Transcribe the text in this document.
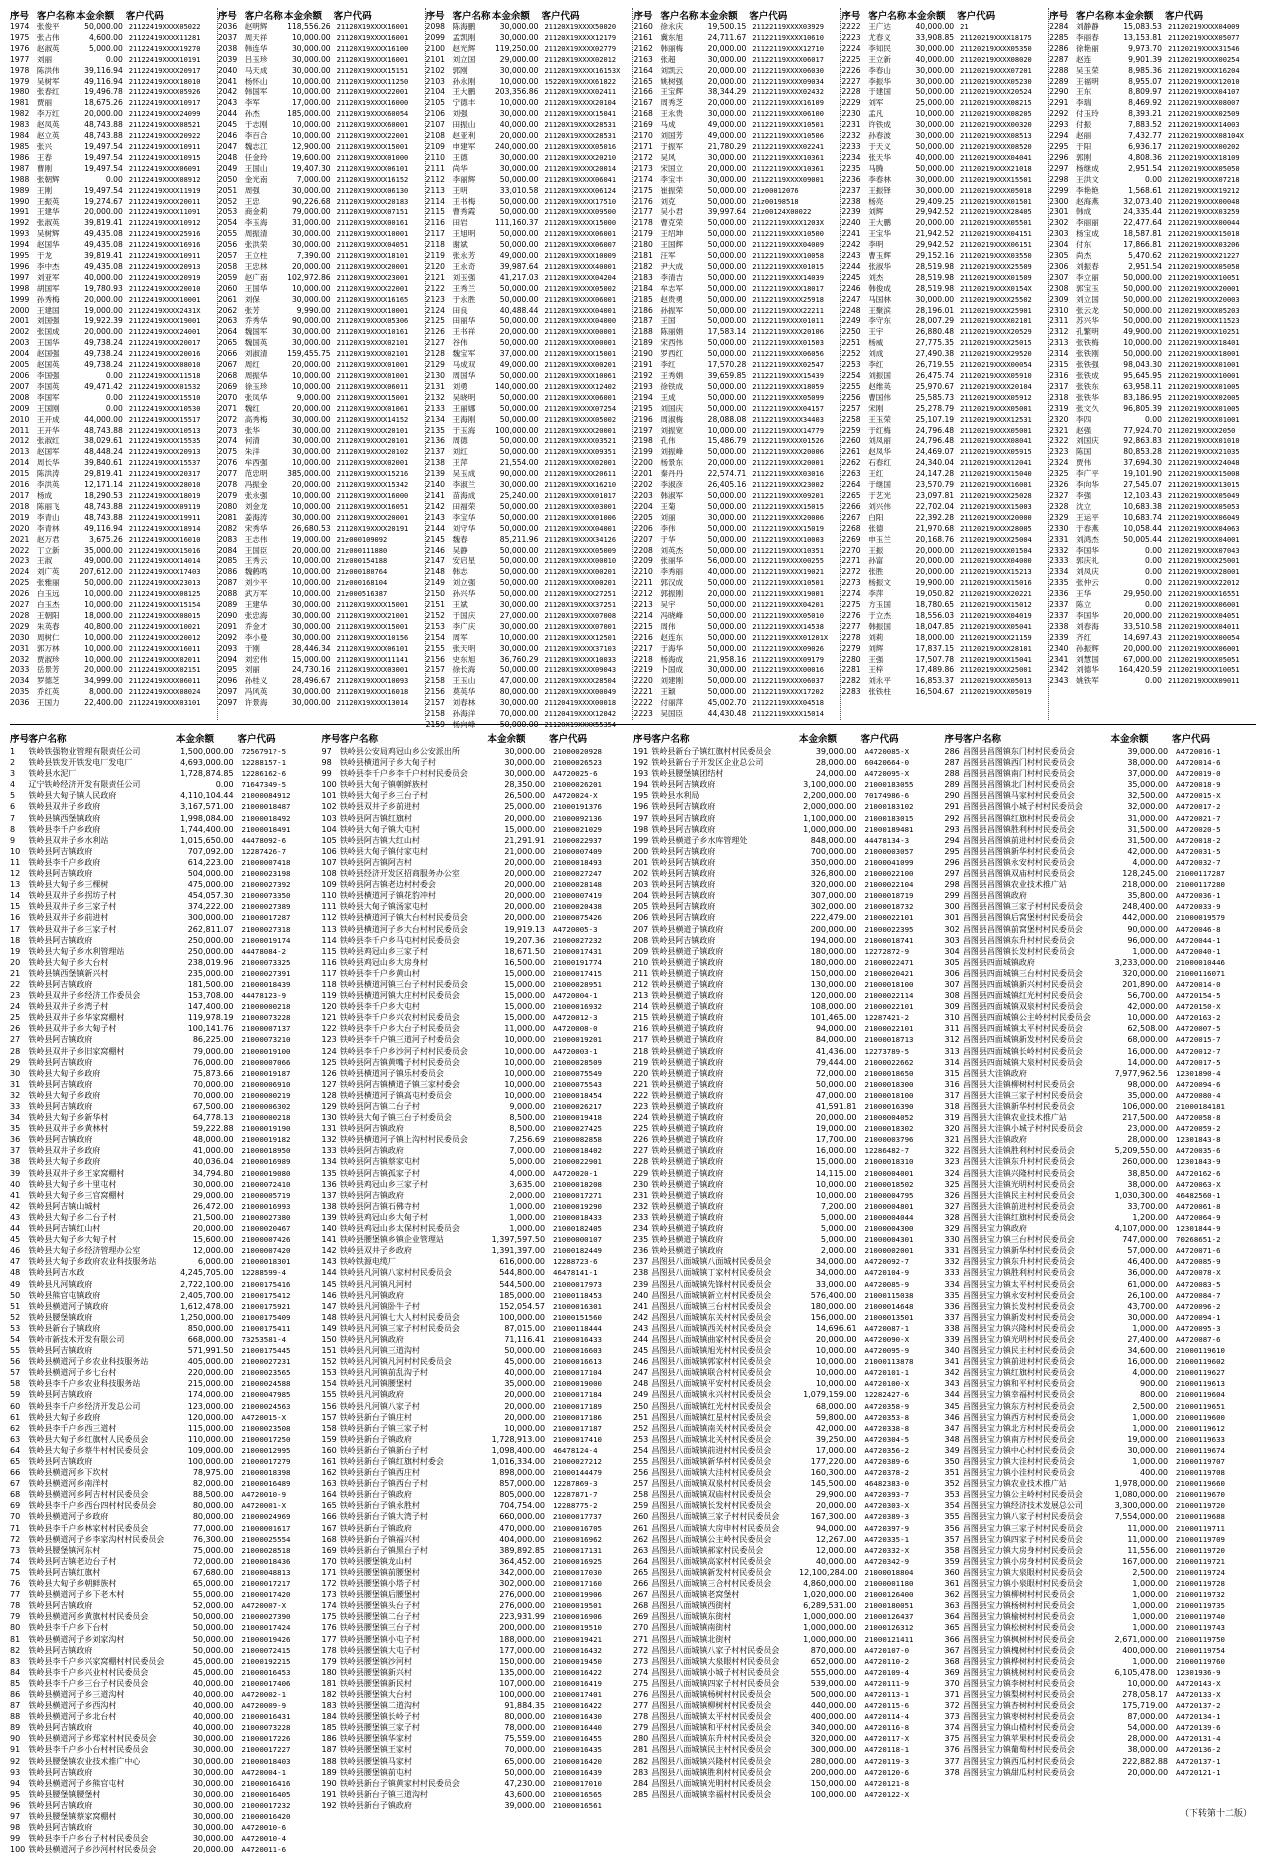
序号	客户名称	本金余额	客户代码
1974	张俊平	50,000.00	21122419XXXX05022
1975	张占伟	4,600.00	21122419XXXX11281
1976	赵淑英	5,000.00	21122419XXXX19270
1977	刘丽	0.00	21122419XXXX10191
1978	陈洪伟	39,116.94	21122419XXXX20917
1979	吴树军	49,116.94	21122419XXXX18010
1980	张春红	19,496.78	21122419XXXX05926
1981	贾丽	18,675.26	21122419XXXX10917
1982	李万红	20,000.00	21122419XXXX24099
1983	赵凤英	48,743.88	21122419XXXX08521
1984	赵立英	48,743.88	21122419XXXX20922
1985	张兴	19,497.54	21122419XXXX10911
1986	王春	19,497.54	21122419XXXX10915
1987	曹刚	19,497.54	21122419XXXX06091
1988	张朝辉	0.00	21122419XXXX08912
1989	王刚	19,497.54	21122419XXXX11919
1990	王振英	19,274.67	21122419XXXX20011
1991	王建华	20,000.00	21122419XXXX11091
1992	张淑英	39,819.41	21122419XXXX10912
1993	吴树辉	49,435.08	21122419XXXX25916
1994	赵国华	49,435.08	21122419XXXX16916
1995	于龙	39,819.41	21122419XXXX10911
1996	李中杰	49,435.08	21122419XXXX20913
1997	刘亚军	40,000.00	21122419XXXX20919
1998	胡国军	19,780.93	21122419XXXX20010
1999	孙秀梅	20,000.00	21122419XXXX10001
2000	王建国	19,000.00	21122419XXXX2431X
2001	刘国强	19,922.39	21122419XXXX19001
2002	张国成	20,000.00	21122419XXXX24001
2003	王国华	49,738.24	21122419XXXX20017
2004	赵国强	49,738.24	21122419XXXX20016
2005	赵国英	49,738.24	21122419XXXX08010
2006	李国强	0.00	21122419XXXX11518
2007	李国英	49,471.42	21122419XXXX01532
2008	李国军	0.00	21122419XXXX15510
2009	王国刚	0.00	21122419XXXX10530
2010	王开成	44,000.00	21122419XXXX15517
2011	王开华	48,743.88	21122419XXXX10513
2012	张淑红	38,029.61	21122419XXXX15535
2013	赵国军	48,448.24	21122419XXXX20913
2014	周长华	39,840.61	21122419XXXX15537
2015	陈洪涛	29,819.41	21122419XXXX20317
2016	李洪英	12,171.14	21122419XXXX28010
2017	杨成	18,290.53	21122419XXXX18019
2018	陈丽飞	48,743.88	21122419XXXX09119
2019	李青山	48,743.88	21122419XXXX19911
2020	李青林	49,116.94	21122419XXXX18914
2021	赵万君	3,675.26	21122419XXXX16010
2022	丁立新	35,000.00	21122419XXXX15016
2023	王淑	49,000.00	21122419XXXX14014
2024	刘广英	207,612.00	21122419XXXX17403
2025	张雅丽	50,000.00	21122419XXXX23013
2026	白玉远	10,000.00	21122419XXXX08125
2027	白玉杰	10,000.00	21122419XXXX15154
2028	王朝阳	18,000.00	21122419XXXX08015
2029	朱英春	40,800.00	21122419XXXX10021
2030	周树仁	10,000.00	21122419XXXX20012
2031	郭万林	10,000.00	21122419XXXX16011
2032	贾淑珍	10,000.00	21122419XXXX02011
2033	岳景芳	20,000.00	21122419XXXX02151
2034	罗德芝	34,999.00	21122419XXXX06011
2035	乔红英	8,000.00	21122419XXXX08024
2036	王国力	22,400.00	21122419XXXX03101
序号	客户名称	本金余额	客户代码
2036	赵明辉	118,556.26	21120X19XXXX16001
2037	周天祥	10,000.00	21120X19XXXX16001
2038	韩连华	30,000.00	21120X19XXXX16100
2039	吕玉珍	30,000.00	21120X19XXXX16001
2040	马天成	30,000.00	21120X19XXXX15151
2041	杨怀山	10,000.00	21120X19XXXX11250
2042	韩国军	10,000.00	21120X19XXXX22001
2043	李军	17,000.00	21120X19XXXX16000
2044	孙杰	185,000.00	21120X19XXXX60054
2045	于志刚	10,000.00	21120X19XXXX60001
2046	李百合	10,000.00	21120X19XXXX22001
2047	魏志江	12,900.00	21120X19XXXX15001
2048	任金玲	19,600.00	21120X19XXXX01000
2049	王国山	19,407.30	21120X19XXXX06101
2050	金光南	7,000.00	21120X19XXXX16152
2051	周强	30,000.00	21120X19XXXX06130
2052	王忠	90,226.68	21120X19XXXX20183
2053	商金莉	79,000.00	21120X19XXXX07151
2054	李玉海	31,000.00	21120X19XXXX00161
2055	周振清	30,000.00	21120X19XXXX10001
2056	张洪荣	30,000.00	21120X19XXXX04051
2057	王立柱	7,390.00	21120X19XXXX18101
2058	王忠林	20,000.00	21120X19XXXX20001
2059	赵广南	102,972.86	21120X19XXXX23001
2060	王国华	10,000.00	21120X19XXXX22001
2061	刘保	30,000.00	21120X19XXXX16165
2062	张芳	9,990.00	21120X19XXXX10001
2063	乔秀华	90,000.00	21120X19XXXX05306
2064	魏国军	30,000.00	21120X19XXXX10161
2065	魏国英	30,000.00	21120X19XXXX02101
2066	刘淑清	159,455.75	21120X19XXXX02101
2067	周红	20,000.00	21120X19XXXX01001
2068	周振华	10,000.00	21120X19XXXX01001
2069	徐玉珍	10,000.00	21120X19XXXX06011
2070	张凤华	9,000.00	21120X19XXXX15001
2071	魏红	20,000.00	21120X19XXXX01061
2072	高秀梅	30,000.00	21120X19XXXX14152
2073	张华	30,000.00	21120X19XXXX20101
2074	何清	30,000.00	21120X19XXXX20101
2075	朱洋	30,000.00	21120X19XXXX20102
2076	牟西强	10,000.00	21120X19XXXX02001
2077	范忠明	385,000.00	21120X19XXXX15216
2078	冯振金	20,000.00	21120X19XXXX15342
2079	张永强	10,000.00	21120X19XXXX16000
2080	刘金龙	10,000.00	21120X19XXXX16051
2081	姜海涛	30,000.00	21120X19XXXX20001
2082	宋秀华	26,680.53	21120X19XXXX20191
2083	王志伟	19,000.00	21z000109092
2084	王国臣	20,000.00	21z000111880
2085	王秀云	10,000.00	21z000154188
2086	魏鹤鸣	10,000.00	21z000180764
2087	刘少平	10,000.00	21z000168104
2088	武万军	10,000.00	21z000516387
2089	王建华	30,000.00	21120X19XXXX15001
2090	张忠海	30,000.00	21120X19XXXX21001
2091	乔金才	30,000.00	21120X19XXXX15001
2092	李小曼	30,000.00	21120X19XXXX10156
2093	于刚	28,446.34	21120X19XXXX06101
2094	刘宏伟	15,000.00	21120X19XXXX11141
2095	刘丽	24,730.16	21120X19XXXX03001
2096	孙桂义	28,496.67	21120X19XXXX10093
2097	冯风英	30,000.00	21120X19XXXX16018
2097	许景海	30,000.00	21120X19XXXX13014
序号	客户名称	本金余额	客户代码
2098	陈海鹏	30,000.00	21120X19XXXX50020
2099	孟凯刚	30,000.00	21120X19XXXX12179
2100	赵光辉	119,250.00	21120X19XXXX02779
2101	刘立国	29,000.00	21120X19XXXX02012
2102	郭刚	30,000.00	21120X19XXXX16153X
2103	孙永刚	10,000.00	15220X19XXXX61822
2104	王大鹏	203,356.86	21120X19XXXX02411
2105	宁德丰	10,000.00	21120X19XXXX20104
2106	刘强	30,000.00	21120X19XXXX15041
2107	田振山	40,000.00	21120X19XXXX28531
2108	赵亚利	20,000.00	21120X19XXXX28531
2109	申建军	240,000.00	21120X19XXXX05016
2110	王德	30,000.00	21120X19XXXX20210
2111	尚华	30,000.00	21120X19XXXX20014
2112	李丽辉	50,000.00	21120X19XXXX06041
2113	王明	33,010.58	21120X19XXXX06124
2114	王书梅	50,000.00	21120X19XXXX17510
2115	曹秀霞	50,000.00	21120X19XXXX09500
2116	田岩	111,160.37	21120X19XXXX15000
2117	王旭明	50,000.00	21120X19XXXX06001
2118	谢斌	50,000.00	21120X19XXXX06007
2119	张永芳	49,000.00	21120X19XXXX10009
2120	王永奇	39,987.64	21120X19XXXX40001
2121	刘玉强	41,217.03	21120X19XXXX04204
2122	王秀兰	50,000.00	21120X19XXXX05002
2123	于永胜	50,000.00	21120X19XXXX06001
2124	田良	40,488.44	21120X19XXXX04001
2125	田丽华	50,000.00	21120X19XXXX04000
2126	王书祥	20,000.00	21120X19XXXX00001
2127	谷伟	50,000.00	21120X19XXXX00001
2128	魏宝军	37,000.00	21120X19XXXX15001
2129	马成双	49,000.00	21120X19XXXX00201
2130	周国华	50,000.00	21120X19XXXX10061
2131	刘勇	140,000.00	21120X19XXXX12402
2132	吴晓明	50,000.00	21120X19XXXX06001
2133	王丽娜	50,000.00	21120X19XXXX07254
2134	王海刚	50,000.00	21120X19XXXX05002
2135	于玉海	100,000.00	21120X19XXXX20001
2136	周德	50,000.00	21120X19XXXX03521
2137	刘红	50,000.00	21120X19XXXX09351
2138	王萍	21,554.00	21120X19XXXX02001
2139	吴玉成	90,000.00	21120X19XXXX20611
2140	李淑兰	30,000.00	21120X19XXXX16210
2141	苗海成	25,240.00	21120X19XXXX01017
2142	田福荣	50,000.00	21120X19XXXX03001
2143	李宝华	50,000.00	21120X19XXXX01006
2144	刘守华	50,000.00	21120X19XXXX04001
2145	魏春	85,211.96	21120X19XXXX34126
2146	吴静	50,000.00	21120X19XXXX05009
2147	安启星	50,000.00	21120X19XXXX00010
2148	韩志	50,000.00	21120X19XXXX00201
2149	刘立强	50,000.00	21120X19XXXX00201
2150	孙兴华	50,000.00	21120X19XXXX27251
2151	王斌	30,000.00	21120X19XXXX37251
2152	于国庆	27,000.00	21120X19XXXX07008
2153	李广庆	30,000.00	21120X19XXXX07001
2154	周军	10,000.00	21120X19XXXX12501
2155	张天明	30,000.00	21120X19XXXX37103
2156	史东旭	36,760.29	21120X19XXXX10033
2157	徐长海	50,000.00	21120X19XXXX09043
2158	王玉山	47,000.00	21120X19XXXX28504
2156	莫英华	80,000.00	21120X19XXXX00049
2157	刘春林	30,000.00	21120419XXXX00018
2158	孙海洋	70,000.00	21120419XXXX12042
2159	杨向峰	50,000.00	21120X19XXXX55354
序号	客户名称	本金余额	客户代码
2160	徐永庆	19,500.15	21122119XXXX03929
2161	冀东旭	24,711.67	21122119XXXX10610
2162	韩丽梅	20,000.00	21122119XXXX12710
2163	张超	30,000.00	21122119XXXX06017
2164	刘凯云	20,000.00	21122119XXXX06030
2165	姚树强	20,000.00	21122119XXXX09034
2166	王宝辉	38,344.29	21122119XXXX02432
2167	周秀芝	20,000.00	21122119XXXX16109
2168	王永贵	30,000.00	21122119XXXX06100
2169	马成	49,000.00	21122119XXXX10501
2170	刘国芳	49,000.00	21122119XXXX10506
2171	于振军	21,780.29	21122119XXXX02241
2172	吴风	30,000.00	21122119XXXX10361
2173	宋国立	20,000.00	21122119XXXX10361
2174	李宝丰	30,000.00	21122119XXXX09001
2175	崔振荣	50,000.00	21z00012076
2176	刘克	50,000.00	21z00198518
2177	吴小君	39,997.64	21z00124X00022
2178	曹克荣	50,000.00	21122119XXXX1203X
2179	王绍坤	50,000.00	21122119XXXX10500
2180	王国辉	50,000.00	21122119XXXX04009
2181	汪军	50,000.00	21122119XXXX10058
2182	尹大成	50,000.00	21122119XXXX01015
2183	李清吉	50,000.00	21122119XXXX14039
2184	牟志军	50,000.00	21122119XXXX18017
2185	赵贵勇	50,000.00	21122119XXXX25918
2186	孙振军	50,000.00	21122119XXXX22211
2187	王国	50,000.00	21122119XXXX01011
2188	陈丽娟	17,583.14	21122119XXXX20106
2189	宋西伟	50,000.00	21122119XXXX01503
2190	罗西红	50,000.00	21122119XXXX06056
2191	李红	17,570.28	21122119XXXX02547
2192	王秀娟	39,659.85	21122119XXXX15439
2193	徐铁成	50,000.00	21122119XXXX18059
2194	王成	50,000.00	21122119XXXX05099
2195	刘国庆	50,000.00	21122119XXXX04157
2196	周淑梅	28,088.08	21122119XXXX34403
2197	刘振宽	10,000.00	21122119XXXX14779
2198	孔伟	15,486.79	21122119XXXX01526
2199	刘振峰	50,000.00	21122119XXXX20006
2200	杨景东	20,000.00	21122119XXXX20001
2201	秦丹丹	22,574.71	21122119XXXX03016
2202	李淑彦	26,405.16	21122119XXXX23002
2203	韩淑军	50,000.00	21122119XXXX09201
2204	王菊	50,000.00	21122119XXXX15015
2205	刘丽	30,000.00	21122119XXXX20006
2206	李伟	50,000.00	21122119XXXX15019
2207	于华	50,000.00	21122119XXXX10003
2208	刘英杰	50,000.00	21122119XXXX10351
2209	张丽华	56,000.00	21122119XXXX00255
2210	李秀丽	40,000.00	21122119XXXX19021
2211	郭汉成	50,000.00	21122119XXXX10501
2212	郭振刚	20,000.00	21122119XXXX19001
2213	吴宇	50,000.00	21122119XXXX04201
2214	冯晓峰	50,000.00	21122119XXXX05010
2215	周伟	50,000.00	21122119XXXX14538
2216	赵连东	50,000.00	21122119XXXX01201X
2217	于海华	50,000.00	21122119XXXX09026
2218	杨海成	21,958.16	21122119XXXX09179
2219	卜国成	30,000.00	21122119XXXX00016
2220	刘建刚	50,000.00	21122119XXXX06037
2221	王颖	50,000.00	21122119XXXX17202
2222	付丽萍	45,002.70	21122119XXXX04518
2223	吴国臣	44,430.48	21122119XXXX15014
序号	客户名称	本金余额	客户代码
2222	王广达	40,000.00	21
2223	尤春义	33,908.85	21120219XXXX18175
2224	李知民	30,000.00	21120219XXXX05350
2225	王立新	40,000.00	21120219XXXX08020
2226	李春山	30,000.00	21120219XXXX07201
2227	李振华	30,000.00	21120219XXXX05230
2228	于建国	50,000.00	21120219XXXX20524
2229	刘军	25,000.00	21120219XXXX08215
2230	孟凡	10,000.00	21120219XXXX08205
2231	许铁成	30,000.00	21120219XXXX00320
2232	孙春波	30,000.00	21120219XXXX08513
2233	于天义	50,000.00	21120219XXXX08520
2234	张天华	40,000.00	21120219XXXX04041
2235	马腾	50,000.00	21120219XXXX21018
2236	李春林	30,000.00	21120219XXXX15501
2237	王振铎	30,000.00	21120219XXXX05018
2238	杨亮	29,409.25	21120219XXXX01501
2239	刘辉	29,942.52	21120219XXXX28405
2240	王大鹏	20,000.00	21120219XXXX05501
2241	王宝华	21,942.52	21120219XXXX04151
2242	李明	29,942.52	21120219XXXX06151
2243	曹玉辉	29,152.16	21120219XXXX03550
2244	张淑华	28,519.98	21120219XXXX25509
2245	刘杰	28,519.98	21120219XXXX01509
2246	韩俊成	28,519.98	21120219XXXX0154X
2247	马国林	30,000.00	21120219XXXX25502
2248	王聚滨	28,196.01	21120219XXXX25901
2249	李守东	28,007.29	21120219XXXX02101
2250	王宇	26,880.48	21120219XXXX20529
2251	杨威	27,775.35	21120219XXXX25015
2252	刘成	27,490.38	21120219XXXX29520
2253	李红	26,719.55	21120219XXXX00054
2254	刘振国	26,475.74	21120219XXXX05910
2255	赵维英	25,970.67	21120219XXXX20104
2256	曹国伟	25,585.73	21120219XXXX05912
2257	宋刚	25,278.79	21120219XXXX05001
2258	王玉荣	25,107.19	21120219XXXX12531
2259	于红梅	24,796.48	21120219XXXX05001
2260	刘凤丽	24,796.48	21120219XXXX08041
2261	赵凤华	24,469.07	21120219XXXX05915
2262	石春红	24,340.04	21120219XXXX12041
2263	王红	24,147.28	21120219XXXX15040
2264	于继国	23,570.79	21120219XXXX16001
2265	于艺光	23,097.81	21120219XXXX25028
2266	刘兴伟	22,702.04	21120219XXXX15003
2267	白阳	22,392.28	21120219XXXX20000
2268	张德	21,970.68	21120219XXXX28005
2269	申玉兰	20,168.76	21120219XXXX25004
2270	王振	20,000.00	21120219XXXX01504
2271	孙富	20,000.00	21120219XXXX04000
2272	张胜	20,000.00	21120219XXXX15213
2273	杨振文	19,900.00	21120219XXXX15016
2274	李萍	19,050.82	21120219XXXX20221
2275	方玉国	18,780.65	21120219XXXX15012
2276	于立杰	18,556.03	21120219XXXX04019
2277	韩振国	18,047.85	21120219XXXX05041
2278	刘莉	18,000.00	21120219XXXX21159
2279	刘辉	17,837.15	21120219XXXX28101
2280	王强	17,507.78	21120219XXXX15041
2281	王梓	17,489.86	21120219XXXX25001
2282	刘永平	16,853.37	21120219XXXX05013
2283	张铁柱	16,504.67	21120219XXXX05019
序号	客户名称	本金余额	客户代码
2284	刘静静	15,083.53	21120219XXXX04009
2285	李丽春	13,153.81	21120219XXXX05077
2286	徐艳丽	9,973.70	21120219XXXX31546
2287	赵连	9,901.39	21120219XXXX00254
2288	吴玉荣	8,985.36	21120219XXXX16204
2289	王福明	8,955.07	21120219XXXX12010
2290	王东	8,809.97	21120219XXXX04107
2291	李瑞	8,469.92	21120219XXXX08007
2292	付玉玲	8,393.21	21120219XXXX02509
2293	付振	7,883.52	21120219XXXX14003
2294	赵丽	7,432.77	21120219XXXX08104X
2295	于阳	6,936.17	21120219XXXX00202
2296	郭刚	4,808.36	21120219XXXX18109
2297	杨继成	2,951.54	21120219XXXX05050
2298	王洪文	0.00	21120219XXXX07218
2299	李艳艳	1,568.61	21120219XXXX19212
2300	赵海燕	32,073.40	21120219XXXX00048
2301	韩成	24,335.44	21120219XXXX03259
2302	李丽丽	22,477.64	21120219XXXX00044
2303	杨宝成	18,587.81	21120219XXXX15018
2304	付东	17,866.81	21120219XXXX03206
2305	尚杰	5,470.62	21120219XXXX21227
2306	刘振春	2,951.54	21120219XXXX05058
2307	李立丽	50,000.00	21120219XXXX10051
2308	郭宝玉	50,000.00	21120219XXXX20001
2309	刘立国	50,000.00	21120219XXXX20003
2310	张云龙	50,000.00	21120219XXXX05203
2311	苏兴华	50,000.00	21120219XXXX11523
2312	孔繁明	49,900.00	21120219XXXX10251
2313	张铁梅	10,000.00	21120219XXXX18401
2314	张铁刚	50,000.00	21120219XXXX18001
2315	张铁强	98,043.30	21120219XXXX01001
2316	张铁成	95,645.95	21120219XXXX10001
2317	张铁东	63,958.11	21120219XXXX01005
2318	张铁华	83,186.95	21120219XXXX02005
2319	张文久	96,805.39	21120219XXXX01005
2320	李四	0.00	21120219XXXX01001
2321	赵强	77,924.70	21120219XXXX2050
2322	刘国庆	92,863.83	21120219XXXX01010
2323	陈国	80,853.28	21120219XXXX21035
2324	贾伟	37,694.30	21120219XXXX24048
2325	李广平	19,101.90	21120219XXXX15008
2326	李向华	27,545.07	21120219XXXX13015
2327	李强	12,103.43	21120219XXXX05049
2328	沈立	10,683.38	21120219XXXX05053
2329	王运平	10,683.74	21120219XXXX06049
2330	于春燕	10,058.44	21120219XXXX04063
2331	刘鸿杰	50,005.44	21120219XXXX04001
2332	李国华	0.00	21120219XXXX07043
2333	郭庆礼	0.00	21120219XXXX25001
2334	刘凤庆	0.00	21120219XXXX28001
2335	张仲云	0.00	21120219XXXX22012
2336	王华	29,950.00	21120219XXXX16551
2337	陈立	0.00	21120219XXXX06001
2337	李国华	20,000.00	21120219XXXX04051
2338	刘春海	33,510.58	21120219XXXX04011
2339	齐红	14,697.43	21120219XXXX00054
2340	孙振辉	20,000.00	21120219XXXX06001
2341	刘慧国	67,000.00	21120219XXXX05051
2342	刘德华	164,420.59	21120219XXXX10051
2343	姚铁军	0.00	21120219XXXX09011
序号	客户名称	本金余额	客户代码
1	铁岭铁强物业管理有限责任公司	1,500,000.00	7256791?-5
2	铁岭县铁发开铁发电厂发电厂	4,693,000.00	12288157-1
3	铁岭县水泥厂	1,728,874.85	12286162-6
4	辽宁铁岭经济开发有限责任公司	0.00	71647349-5
5	铁岭县大甸子镇人民政府	4,110,104.44	21000084912
6	铁岭县双井子乡政府	3,167,571.00	21000018487
7	铁岭县镇西堡镇政府	1,998,084.00	21000018492
8	铁岭县李千户乡政府	1,744,400.00	21000018491
9	铁岭县双井子乡水利站	1,015,650.00	44478092-6
10	铁岭县阿吉镇政府	707,092.00	12287426-7
11	铁岭县李千户乡政府	614,223.00	21000007418
12	铁岭县阿吉镇政府	504,000.00	21000023198
13	铁岭县大甸子乡三棵树	475,000.00	21000027392
14	铁岭县双井子乡拐坊子村	454,057.30	21000073350
15	铁岭县双井子乡三家子村	374,222.00	21000027389
16	铁岭县双井子乡前进村	300,000.00	21000017287
17	铁岭县双井子乡三家子村	262,811.07	21000027318
18	铁岭县阿吉镇政府	250,000.00	21000019174
19	铁岭县大甸子乡水利管理站	250,000.00	44478084-2
20	铁岭县大甸子乡大台村	238,019.96	21000073325
21	铁岭县镇西堡镇新兴村	235,000.00	21000027391
22	铁岭县阿吉镇政府	181,500.00	21000018439
23	铁岭县双井子乡经济工作委员会	153,708.00	44478123-9
24	铁岭县双井子乡湾子村	147,400.00	21000000218
25	铁岭县双井子乡华家窝棚村	119,978.19	21000073228
26	铁岭县双井子乡大甸子村	100,141.76	21000007137
27	铁岭县阿吉镇政府	86,225.00	21000073210
28	铁岭县双井子乡旧家窝棚村	79,000.00	21000019100
29	铁岭县阿吉镇政府	76,000.00	21000007066
30	铁岭县大甸子乡政府	75,873.66	21000019187
31	铁岭县阿吉镇政府	70,000.00	21000006910
32	铁岭县大甸子乡政府	70,000.00	21000000219
33	铁岭县阿吉镇政府	67,500.00	21000006302
34	铁岭县大甸子乡新华村	64,778.13	21000000218
35	铁岭县双井子乡黄林村	59,222.88	21000019190
36	铁岭县阿吉镇政府	48,000.00	21000019182
37	铁岭县双井子乡政府	41,000.00	21000018950
38	铁岭县大甸子乡政府	40,036.04	21000016989
39	铁岭县双井子乡王家窝棚村	34,794.80	21000019080
40	铁岭县大甸子乡十里屯村	30,000.00	21000072410
41	铁岭县大甸子乡三官窝棚村	29,000.00	21000005719
42	铁岭县阿吉镇山城村	26,472.00	21000016993
43	铁岭县大甸子乡二台子村	21,500.00	21000027380
44	铁岭县阿吉镇红山村	20,000.00	21000020467
45	铁岭县大甸子乡大甸子村	15,600.00	21000007426
46	铁岭县大甸子乡经济管理办公室	12,000.00	21000007420
47	铁岭县大甸子乡政府农业科技服务站	6,000.00	21000018301
48	铁岭县阿吉水政	4,245,705.00	12288599-4
49	铁岭县凡河镇政府	2,722,100.00	21000175416
50	铁岭县熊官屯镇政府	2,405,700.00	21000175412
51	铁岭县横道河子镇政府	1,612,478.00	21000175921
52	铁岭县腰堡镇政府	1,250,000.00	21000175409
53	铁岭县新台子镇政府	850,000.00	21000175411
54	铁岭市新技术开发有限公司	668,000.00	73253581-4
55	铁岭县阿吉镇政府	571,991.50	21000175445
56	铁岭县横道河子乡农业科技服务站	405,000.00	21000027231
57	铁岭县横道河子乡七台村	220,000.00	21000023565
58	铁岭县李千户乡农业科技服务站	215,000.00	21000024588
59	铁岭县阿吉镇政府	174,000.00	21000047985
60	铁岭县李千户乡经济开发总公司	123,000.00	21000024563
61	铁岭县大甸子乡政府	120,000.00	A4720015-X
62	铁岭县李千户乡西三道村	115,000.00	21000023508
63	铁岭县大甸子乡红旗村人民委员会	110,000.00	21000017250
64	铁岭县大甸子乡蔡牛村村民委员会	109,000.00	21000012995
65	铁岭县阿吉镇政府	100,000.00	21000017279
66	铁岭县横道河乡下坎村	78,975.00	21000018398
67	铁岭县横道河乡南洋村	82,000.00	21000016489
68	铁岭县横道河乡阿吉村村民委员会	88,500.00	A4720010-9
69	铁岭县李千户乡西台四村村民委员会	80,000.00	A4720001-X
70	铁岭县横道河子乡政府	80,000.00	21000024969
71	铁岭县李千户乡林家村村民委员会	77,000.00	21000001617
72	铁岭县横道河子乡李家沟村村民委员会	76,300.00	21000025554
73	铁岭县腰堡镇河东村	75,000.00	21000028518
74	铁岭县阿吉镇老边台子村	72,000.00	21000018436
75	铁岭县阿吉镇红旗村	67,680.00	21000048813
76	铁岭县大甸子乡朝鲜族村	65,000.00	21000017217
77	铁岭县横道河子乡下老木村	55,000.00	21000017420
78	铁岭县阿吉镇政府	52,000.00	A4720007-X
79	铁岭县横道河乡黄旗村村民委员会	50,000.00	21000027390
80	铁岭县李千户乡下台村	50,000.00	21000017424
81	铁岭县横道河子乡刘家沟村	50,000.00	21000019426
82	铁岭县阿吉镇政府	50,000.00	21000072415
83	铁岭县李千户乡兴家窝棚村村民委员会	45,000.00	21000192215
84	铁岭县李千户乡兴业村村民委员会	45,000.00	21000016453
85	铁岭县李千户乡三台子村民委员会	40,000.00	21000017406
86	铁岭县横道河子乡三道沟村	40,000.00	A4720002-1
87	铁岭县横道河子乡西沟村	40,000.00	A4720009-9
88	铁岭县横道河子乡北台村	40,000.00	21000016431
89	铁岭县阿吉镇政府	40,000.00	21000073228
90	铁岭县横道河子乡郑家村村民委员会	30,000.00	21000017226
91	铁岭县李千户乡小台村村民委员会	30,000.00	21000017227
92	铁岭县腰堡镇农业技术推广中心	30,000.00	21000018403
93	铁岭县阿吉镇政府	30,000.00	A4720004-1
94	铁岭县横道河子乡熊官屯村	30,000.00	21000016416
95	铁岭县腰堡镇腰堡村	30,000.00	21000016405
96	铁岭县阿吉镇政府	30,000.00	21000017232
97	铁岭县腰堡镇蔡家窝棚村	30,000.00	21000016420
98	铁岭县阿吉镇政府	30,000.00	A4720010-6
99	铁岭县李千户乡台子村村民委员会	30,000.00	A4720010-4
100	铁岭县横道河子乡沙河村村民委员会	20,000.00	A4720011-6
序号	客户名称	本金余额	客户代码
97	铁岭县公安局鸡冠山乡公安派出所	30,000.00	21000020928
98	铁岭县横道河子乡大甸子村	30,000.00	21000026523
99	铁岭县李千户乡李千户村村民委员会	30,000.00	A4720025-6
100	铁岭县大甸子镇朝鲜族村	28,350.00	21000026201
101	铁岭县大甸子乡三台子村	26,500.00	A4720024-X
102	铁岭县双井子乡前进村	25,000.00	21000191376
103	铁岭县阿吉镇红旗村	20,000.00	21000092136
104	铁岭县大甸子镇大屯村	15,000.00	21000021029
105	铁岭县阿吉镇大红山村	21,291.91	21000022937
106	铁岭县大甸子镇付家屯村	21,000.00	21000007409
107	铁岭县阿吉镇阿吉村	20,000.00	21000018493
108	铁岭县经济开发区招商服务办公室	20,000.00	21000027247
109	铁岭县阿吉镇老边村村委会	20,000.00	21000028148
110	铁岭县横道河子镇花豹冲村	20,000.00	21000007419
111	铁岭县大甸子镇汤家屯村	20,000.00	21000020438
112	铁岭县横道河子镇大台村村民委员会	20,000.00	21000075426
113	铁岭县横道河子乡大台村村民委员会	19,919.13	A4720005-3
114	铁岭县李千户乡马屯村村民委员会	19,207.36	21000027232
115	铁岭县鸡冠山乡三家子村	18,671.50	21000017431
116	铁岭县鸡冠山乡大房身村	16,500.00	21000191774
117	铁岭县李千户乡黄山村	15,000.00	21000017415
118	铁岭县横道河镇三台子村村民委员会	15,000.00	21000028951
119	铁岭县横道河镇大庄村村民委员会	15,000.00	A4720004-1
120	铁岭县李千户乡大屯村	15,000.00	21000016932
121	铁岭县李千户乡兴农村村民委员会	15,000.00	A4720012-3
122	铁岭县李千户乡大台子村民委员会	11,000.00	A4720008-0
123	铁岭县李千户镇三道河子村委员会	10,000.00	21000019201
124	铁岭县李千户乡沙河子村村民委员会	10,000.00	A4720003-1
125	铁岭县阿吉镇黄嘴子村村民委员会	10,000.00	21000028509
126	铁岭县横道河子镇乐村委员会	10,000.00	21000075549
127	铁岭县阿吉镇横道子镇三家村委会	10,000.00	21000075543
128	铁岭县横道河子镇高屯村委员会	10,000.00	21000018454
129	铁岭县阿吉镇二台子村	9,000.00	21000026217
130	铁岭县大甸子镇三台子村委员会	8,500.00	21000019418
131	铁岭县阿吉镇政府	8,500.00	21000027425
132	铁岭县横道河子镇上沟村村民委员会	7,256.69	21000082858
133	铁岭县阿吉镇政府	7,000.00	21000018402
134	铁岭县阿吉镇蔡家屯村	5,000.00	21000022901
135	铁岭县阿吉镇孤家子村	4,000.00	A4720020-1
136	铁岭县鸡冠山乡三家子村	3,635.00	21000018208
137	铁岭县阿吉镇政府	2,000.00	21000017271
138	铁岭县阿吉镇石佛寺村	1,000.00	21000019290
139	铁岭县鸡冠山乡大甸子村	1,000.00	21000018433
140	铁岭县鸡冠山乡太保村村民委员会	1,000.00	21000182405
141	铁岭县腰堡镇乡镇企业管理站	1,397,597.50	21000000107
142	铁岭县双井子乡政府	1,391,397.00	21000182449
143	铁岭铁源电缆厂	616,000.00	12288723-6
144	铁岭县凡河镇八家村村民委员会	544,800.00	46478141-1
145	铁岭县凡河镇凡河村	544,500.00	21000017973
146	铁岭县凡河镇政府	185,000.00	21000118453
147	铁岭县凡河镇卧牛子村	152,054.57	21000016301
148	铁岭县凡河镇七大人村村民委员会	100,000.00	21000151560
149	铁岭县凡河镇三家子村村民委员会	87,015.00	21000118444
150	铁岭县凡河镇政府	71,116.41	21000016433
151	铁岭县凡河镇三道沟村	50,000.00	21000016603
152	铁岭县凡河镇凡河村村民委员会	45,000.00	21000016613
153	铁岭县凡河镇前乱沟子村	40,000.00	21000017104
154	铁岭县凡河镇腰堡村	35,000.00	21000019000
155	铁岭县凡河镇政府	20,000.00	21000017184
156	铁岭县凡河镇八家子村	20,000.00	21000017189
157	铁岭县新台子镇庄村	20,000.00	21000017186
158	铁岭县新台子镇三家子村	10,000.00	21000017187
159	铁岭县新台子镇政府	1,728,913.00	21000017410
160	铁岭县新台子镇新台子村	1,098,400.00	46478124-4
161	铁岭县新台子镇红旗村村委会	1,016,334.00	21000027212
162	铁岭县新台子镇西庄村	898,000.00	21000144479
163	铁岭县新台子镇西台子村	857,000.00	12287869-3
164	铁岭县新台子镇政府	805,000.00	12287871-7
165	铁岭县新台子镇永胜村	704,754.00	12288775-2
166	铁岭县新台子镇大湾子村	660,000.00	21000017737
167	铁岭县新台子镇政府	470,000.00	21000016705
168	铁岭县新台子镇福兴村	404,000.00	21000016962
169	铁岭县新台子镇黑台子村	389,892.85	21000017131
170	铁岭县腰堡镇龙山村	364,452.00	21000016925
171	铁岭县腰堡镇前腰堡村	342,000.00	21000017030
172	铁岭县腰堡镇小塔子村	302,000.00	21000017160
173	铁岭县腰堡镇后腰堡村	276,000.00	21000019906
174	铁岭县腰堡镇头台子村	276,000.00	21000019501
175	铁岭县腰堡镇二台子村	223,931.99	21000016906
176	铁岭县腰堡镇三台子村	200,000.00	21000019510
177	铁岭县腰堡镇小屯子村	188,000.00	21000019421
178	铁岭县腰堡镇大屯子村	177,000.00	21000016432
179	铁岭县腰堡镇沙河村	150,000.00	21000019450
180	铁岭县腰堡镇新兴村	135,000.00	21000016422
181	铁岭县腰堡镇新民村	107,000.00	21000016419
182	铁岭县腰堡镇大台村	100,000.00	21000017401
183	铁岭县腰堡镇二道沟村	91,884.35	21000016422
184	铁岭县腰堡镇长岭子村	80,000.00	21000016430
185	铁岭县腰堡镇三家子村	78,000.00	21000016440
186	铁岭县腰堡镇华家村	75,559.00	21000016455
187	铁岭县腰堡镇王家村	70,000.00	21000016435
188	铁岭县腰堡镇马家村	65,000.00	21000016420
189	铁岭县腰堡镇前屯村	50,000.00	21000016439
190	铁岭县新台子镇黄家村村民委员会	47,230.00	21000017010
191	铁岭县新台子镇三道沟村	43,600.00	21000016565
192	铁岭县新台子镇政府	39,000.00	21000016561
序号	客户名称	本金余额	客户代码
191	铁岭县新台子镇红旗村村民委员会	39,000.00	A4720085-X
192	铁岭县新台子开发区企业总公司	28,000.00	60420664-0
193	铁岭县腰堡镇团结村	24,000.00	A4720095-X
194	铁岭县阿吉镇政府	3,100,000.00	21000183055
195	铁岭县水利局	2,200,000.00	70174986-6
196	铁岭县阿吉镇政府	2,000,000.00	21000183102
197	铁岭县阿吉镇政府	1,100,000.00	21000183015
198	铁岭县阿吉镇政府	1,000,000.00	21000189481
199	铁岭县横道子乡水库管理处	848,000.00	44478134-3
200	铁岭县阿吉镇政府	700,000.00	21000003057
201	铁岭县阿吉镇政府	350,000.00	21000041099
202	铁岭县阿吉镇政府	326,800.00	21000022100
203	铁岭县阿吉镇政府	320,000.00	21000022104
204	铁岭县阿吉镇政府	307,000.00	21000018719
205	铁岭县阿吉镇政府	302,000.00	21000018732
206	铁岭县阿吉镇政府	222,479.00	21000022101
207	铁岭县横道子镇政府	200,000.00	21000022395
208	铁岭县阿吉镇政府	194,000.00	21000018741
209	铁岭县横道子镇政府	180,000.00	12272872-9
210	铁岭县横道子镇政府	180,000.00	21000022471
211	铁岭县横道子镇政府	150,000.00	21000020421
212	铁岭县横道子镇政府	130,000.00	21000018100
213	铁岭县横道子镇政府	120,000.00	21000022114
214	铁岭县横道子镇政府	108,000.00	21000022101
215	铁岭县横道子镇政府	101,465.00	12287421-2
216	铁岭县横道子镇政府	94,000.00	21000022101
217	铁岭县横道子镇政府	84,000.00	21000018713
218	铁岭县横道子镇政府	41,436.00	12273789-5
219	铁岭县横道子镇政府	79,444.00	21000022662
220	铁岭县横道子镇政府	72,000.00	21000018650
221	铁岭县横道子镇政府	50,000.00	21000018300
222	铁岭县横道子镇政府	47,000.00	21000018100
223	铁岭县横道子镇政府	41,591.81	21000016390
224	铁岭县横道子镇政府	20,000.00	21000004052
225	铁岭县横道子镇政府	19,000.00	21000018302
226	铁岭县横道子镇政府	17,700.00	21000003796
227	铁岭县横道子镇政府	16,000.00	12286482-7
228	铁岭县横道子镇政府	15,000.00	21000018310
229	铁岭县横道子镇政府	14,115.00	21000004001
230	铁岭县横道子镇政府	10,000.00	21000018502
231	铁岭县横道子镇政府	10,000.00	21000004795
232	铁岭县横道子镇政府	7,200.00	21000004801
233	铁岭县横道子镇政府	5,000.00	21000004044
234	铁岭县横道子镇政府	5,000.00	21000004300
235	铁岭县横道子镇政府	5,000.00	21000004301
236	铁岭县横道子镇政府	2,000.00	21000002001
237	昌图县八面城镇八面城村民委员会	34,000.00	A4720092-7
238	昌图县八面城镇丁家村村民委员会	34,000.00	A4720104-9
239	昌图县八面城镇先锋村村民委员会	33,000.00	A4720085-9
240	昌图县八面城镇新立村村民委员会	576,400.00	21000115038
241	昌图县八面城镇三台村村民委员会	180,000.00	21000014648
242	昌图县八面城镇东关村村民委员会	156,000.00	21000013501
243	昌图县八面城镇西关村村民委员会	14,696.61	A4720087-1
244	昌图县八面城镇曲家村村民委员会	20,000.00	A4720090-X
245	昌图县八面城镇旭光村村民委员会	10,000.00	A4720095-9
246	昌图县八面城镇郭家村村民委员会	10,000.00	21000113878
247	昌图县八面城镇联合村村民委员会	10,000.00	A4720101-1
248	昌图县八面城镇平安村村民委员会	10,000.00	A4720100-X
249	昌图县八面城镇永兴村村民委员会	1,079,159.00	12282427-6
250	昌图县八面城镇红光村村民委员会	68,000.00	A4720358-9
251	昌图县八面城镇红星村村民委员会	59,800.00	A4720353-8
252	昌图县八面城镇南关村村民委员会	42,000.00	A4720338-8
253	昌图县八面城镇北关村村民委员会	39,250.00	A4720304-5
254	昌图县八面城镇前进村村民委员会	17,000.00	A4720356-2
255	昌图县八面城镇新华村村民委员会	177,220.00	A4720389-6
256	昌图县八面城镇大洼村村民委员会	160,300.00	A4720378-2
257	昌图县八面城镇双泉村村民委员会	145,500.00	46482383-0
258	昌图县八面城镇双庙村村民委员会	29,900.00	A4720393-7
259	昌图县八面城镇长发村村民委员会	20,000.00	A4720303-X
260	昌图县八面城镇三家子村村民委员会	167,300.00	A4720389-3
261	昌图县八面城镇大房申村村民委员会	94,000.00	A4720397-9
262	昌图县八面城镇公主岭村民委员会	12,267.00	A4720335-1
263	昌图县八面城镇郝家村民委员会	12,000.00	A4720332-X
264	昌图县八面城镇高家村村民委员会	40,000.00	A4720342-9
265	昌图县八面城镇新发村村民委员会	12,100,284.00	21000018804
266	昌图县八面城镇三合村村民委员会	4,860,000.00	21000001180
267	昌图县八面城镇老窝堡村	1,020,000.00	21000126400
268	昌图县八面城镇西街村	6,289,531.00	21000180051
269	昌图县八面城镇东街村	1,000,000.00	21000126437
270	昌图县八面城镇南街村	1,000,000.00	21000126312
271	昌图县八面城镇北街村	1,000,000.00	21000121411
272	昌图县八面城镇八家子村村民委员会	870,000.00	A4720107-0
273	昌图县八面城镇大泉眼村村民委员会	652,000.00	A4720110-2
274	昌图县八面城镇小城子村村民委员会	555,000.00	A4720109-4
275	昌图县八面城镇四家子村村民委员会	539,000.00	A4720111-9
276	昌图县八面城镇杨树村村民委员会	500,000.00	A4720113-1
277	昌图县八面城镇柳树村村民委员会	440,000.00	A4720115-6
278	昌图县八面城镇太平村村民委员会	400,000.00	A4720114-4
279	昌图县八面城镇和平村村民委员会	340,000.00	A4720116-8
280	昌图县八面城镇东升村村民委员会	320,000.00	A4720117-X
281	昌图县八面城镇民主村村民委员会	300,000.00	A4720118-1
282	昌图县八面城镇兴隆村村民委员会	280,000.00	A4720119-3
283	昌图县八面城镇胜利村村民委员会	200,000.00	A4720120-6
284	昌图县八面城镇光明村村民委员会	150,000.00	A4720121-8
285	昌图县八面城镇幸福村村民委员会	100,000.00	A4720122-X
序号	客户名称	本金余额	客户代码
286	昌图县昌图镇东门村村民委员会	39,000.00	A4720016-1
287	昌图县昌图镇西门村村民委员会	38,000.00	A4720014-6
288	昌图县昌图镇南门村村民委员会	37,000.00	A4720019-0
289	昌图县昌图镇北门村村民委员会	35,000.00	A4720018-9
290	昌图县昌图镇马家村村民委员会	32,500.00	A4720015-X
291	昌图县昌图镇小城子村村民委员会	32,000.00	A4720017-2
292	昌图县昌图镇红旗村村民委员会	31,000.00	A4720021-7
293	昌图县昌图镇胜利村村民委员会	31,500.00	A4720020-5
294	昌图县昌图镇前进村村民委员会	31,500.00	A4720018-2
295	昌图县昌图镇新华村村民委员会	42,000.00	A4720031-5
296	昌图县昌图镇永安村村民委员会	4,000.00	A4720032-7
297	昌图县昌图镇双庙村村民委员会	128,245.00	21000117287
298	昌图县昌图镇农业技术推广站	218,000.00	21000117280
299	昌图县昌图镇政府	35,800.00	A4720036-1
300	昌图县昌图镇三家子村村民委员会	248,400.00	A4720033-9
301	昌图县昌图镇后窝堡村村民委员会	442,000.00	21000019579
302	昌图县昌图镇前窝堡村村民委员会	90,000.00	A4720046-8
303	昌图县昌图镇东升村村民委员会	96,000.00	A4720044-1
304	昌图县昌图镇长发村村民委员会	1,000.00	A4720040-1
305	昌图县四面城镇政府	3,233,000.00	21000010446
306	昌图县四面城镇三台村村民委员会	320,000.00	21000116071
307	昌图县四面城镇新兴村村民委员会	201,890.00	A4720014-0
308	昌图县四面城镇红光村村民委员会	56,700.00	A4720154-5
309	昌图县四面城镇双泉村村民委员会	42,000.00	A4720150-X
310	昌图县四面城镇公主岭村村民委员会	10,000.00	A4720163-2
311	昌图县四面城镇太平村村民委员会	62,508.00	A4720007-5
312	昌图县四面城镇新发村村民委员会	68,000.00	A4720015-7
313	昌图县四面城镇长岭村村民委员会	16,000.00	A4720012-7
314	昌图县四面城镇大泉村村民委员会	14,000.00	A4720017-5
315	昌图县大洼镇政府	7,977,962.56	12301890-4
316	昌图县大洼镇柳树村村民委员会	98,000.00	A4720094-6
317	昌图县大洼镇三家子村村民委员会	35,000.00	A4720080-4
318	昌图县大洼镇新华村村民委员会	106,000.00	21000184181
319	昌图县大洼镇农业技术推广站	217,500.00	A4720058-8
320	昌图县大洼镇小城子村村民委员会	23,000.00	A4720059-2
321	昌图县大洼镇政府	28,000.00	12301843-8
322	昌图县大洼镇胜利村村民委员会	5,209,550.00	A4720035-6
323	昌图县大洼镇东升村村民委员会	260,000.00	12301843-9
324	昌图县大洼镇兴隆村村民委员会	38,850.00	A4720162-6
325	昌图县大洼镇光明村村民委员会	38,000.00	A4720063-X
326	昌图县大洼镇民主村村民委员会	1,030,300.00	46482560-1
327	昌图县大洼镇前进村村民委员会	33,700.00	A4720061-8
328	昌图县大洼镇红旗村村民委员会	1,200.00	A4720064-9
329	昌图县宝力镇政府	4,107,000.00	12301844-9
330	昌图县宝力镇三台村村民委员会	747,000.00	70268651-2
331	昌图县宝力镇新华村村民委员会	57,000.00	A4720071-6
332	昌图县宝力镇东升村村民委员会	46,400.00	A4720085-9
333	昌图县宝力镇胜利村村民委员会	36,000.00	A4720078-X
334	昌图县宝力镇太平村村民委员会	61,000.00	A4720083-5
335	昌图县宝力镇永安村村民委员会	26,100.00	A4720084-7
336	昌图县宝力镇长发村村民委员会	43,700.00	A4720096-2
337	昌图县宝力镇新发村村民委员会	30,000.00	A4720094-1
338	昌图县宝力镇兴隆村村民委员会	1,000.00	A4720095-3
339	昌图县宝力镇光明村村民委员会	27,400.00	A4720087-6
340	昌图县宝力镇民主村村民委员会	34,600.00	21000119610
341	昌图县宝力镇前进村村民委员会	16,000.00	21000119602
342	昌图县宝力镇红旗村村民委员会	4,000.00	21000119627
343	昌图县宝力镇和平村村民委员会	900.00	21000119613
344	昌图县宝力镇幸福村村民委员会	800.00	21000119604
345	昌图县宝力镇东方村村民委员会	2,500.00	21000119651
346	昌图县宝力镇西方村村民委员会	1,000.00	21000119600
347	昌图县宝力镇北方村村民委员会	1,000.00	21000119612
348	昌图县宝力镇南方村村民委员会	19,000.00	21000119633
349	昌图县宝力镇中心村村民委员会	30,000.00	21000119674
350	昌图县宝力镇大洼村村民委员会	1,000.00	21000119707
351	昌图县宝力镇小洼村村民委员会	400.00	21000119708
352	昌图县宝力镇农业技术推广站	1,978,000.00	21000119660
353	昌图县宝力镇公主岭村村民委员会	1,080,000.00	21000119670
354	昌图县宝力镇经济技术发展总公司	3,300,000.00	21000119720
355	昌图县宝力镇八家子村村民委员会	7,554,000.00	21000119688
356	昌图县宝力镇三家子村村民委员会	11,000.00	21000119711
357	昌图县宝力镇四家子村村民委员会	11,000.00	21000119709
358	昌图县宝力镇大房身村村民委员会	11,556.00	21000119720
359	昌图县宝力镇小房身村村民委员会	167,000.00	21000119721
360	昌图县宝力镇大泉眼村村民委员会	2,500.00	21000119724
361	昌图县宝力镇小泉眼村村民委员会	1,000.00	21000119728
362	昌图县宝力镇柳树村村民委员会	1,000.00	21000119732
363	昌图县宝力镇杨树村村民委员会	1,000.00	21000119735
364	昌图县宝力镇榆树村村民委员会	1,000.00	21000119740
365	昌图县宝力镇松树村村民委员会	1,000.00	21000119743
366	昌图县宝力镇枫树村村民委员会	2,671,000.00	21000119750
367	昌图县宝力镇槐树村村民委员会	400,000.00	21000119754
368	昌图县宝力镇桦树村村民委员会	1,000.00	21000119760
369	昌图县宝力镇桃树村村民委员会	6,105,478.00	12301936-9
370	昌图县宝力镇李树村村民委员会	10,000.00	A4720143-X
371	昌图县宝力镇梨树村村民委员会	278,058.17	A4720133-X
372	昌图县宝力镇杏树村村民委员会	175,719.00	A4720137-2
373	昌图县宝力镇枣树村村民委员会	87,000.00	A4720134-1
374	昌图县宝力镇山楂村村民委员会	54,000.00	A4720139-6
375	昌图县宝力镇苹果村村民委员会	28,000.00	A4720131-4
376	昌图县宝力镇葡萄村村民委员会	38,000.00	A4720136-2
377	昌图县宝力镇西瓜村村民委员会	222,882.88	A4720137-1
378	昌图县宝力镇甜瓜村村民委员会	20,000.00	A4720121-1
（下转第十二版）
